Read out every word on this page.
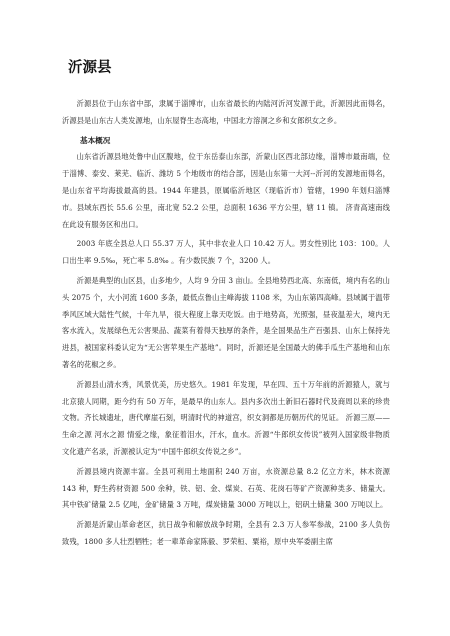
沂源县

沂源县位于山东省中部，隶属于淄博市，山东省最长的内陆河沂河发源于此，沂源因此而得名，沂源县是山东古人类发源地，山东屋脊生态高地，中国北方溶洞之乡和女郎织女之乡。

基本概况

山东省沂源县地处鲁中山区腹地，位于东岳泰山东部，沂蒙山区西北部边缘，淄博市最南端，位于淄博、泰安、莱芜、临沂、潍坊 5 个地级市的结合部，因是山东第一大河--沂河的发源地而得名，是山东省平均海拔最高的县。1944 年建县，原属临沂地区（现临沂市）管辖，1990 年划归淄博市。县域东西长 55.6 公里，南北宽 52.2 公里，总面积 1636 平方公里，辖 11 镇。 济青高速南线在此设有服务区和出口。

2003 年底全县总人口 55.37 万人，其中非农业人口 10.42 万人。男女性别比 103：100。人口出生率 9.5‰，死亡率 5.8‰ 。有少数民族 7 个，3200 人。

沂源是典型的山区县，山多地少，人均 9 分田 3 亩山。全县地势西北高、东南低，境内有名的山头 2075 个，大小河流 1600 多条，最低点鲁山主峰海拔 1108 米，为山东第四高峰。县域属于温带季风区域大陆性气候，十年九旱，很大程度上靠天吃饭。由于地势高，光照强，昼夜温差大，境内无客水流入，发展绿色无公害果品、蔬菜有着得天独厚的条件，是全国果品生产百强县、山东上保持先进县，被国家科委认定为“无公害苹果生产基地”。同时，沂源还是全国最大的佛手瓜生产基地和山东著名的花椒之乡。

沂源县山清水秀，风景优美，历史悠久。1981 年发现，早在四、五十万年前的沂源猿人，就与北京猿人同期，距今约有 50 万年，是最早的山东人。县内多次出土新旧石器时代及商周以来的珍贵文物。齐长城遗址，唐代摩崖石刻，明清时代的神道宫，织女洞都是历朝历代的见证。 沂源三原——生命之源 河水之源 情爱之缘，象征着泪水，汗水，血水。沂源“牛郎织女传说”被列入国家级非物质文化遗产名录，沂源被认定为“中国牛郎织女传说之乡”。

沂源县境内资源丰富。全县可利用土地面积 240 万亩，水资源总量 8.2 亿立方米，林木资源 143 种，野生药材资源 500 余种，铁、铝、金、煤炭、石英、花岗石等矿产资源种类多、储量大。其中铁矿储量 2.5 亿吨，金矿储量 3 万吨，煤炭储量 3000 万吨以上，铝矾土储量 300 万吨以上。

沂源是沂蒙山革命老区，抗日战争和解放战争时期，全县有 2.3 万人参军参战，2100 多人负伤致残，1800 多人壮烈牺牲；老一辈革命家陈毅、罗荣桓、粟裕，原中央军委副主席
